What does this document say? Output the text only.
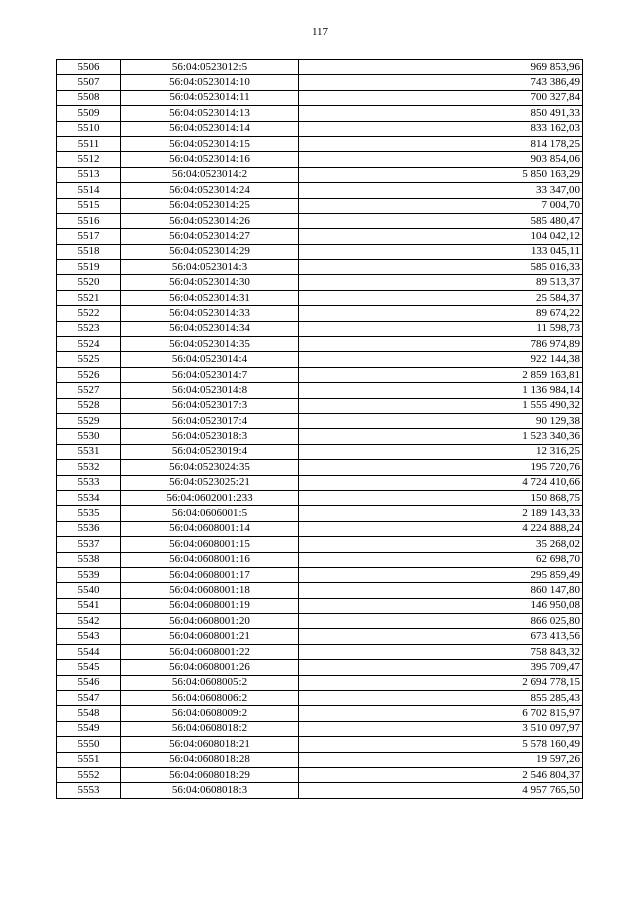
117
5506	56:04:0523012:5	969 853,96
5507	56:04:0523014:10	743 386,49
5508	56:04:0523014:11	700 327,84
5509	56:04:0523014:13	850 491,33
5510	56:04:0523014:14	833 162,03
5511	56:04:0523014:15	814 178,25
5512	56:04:0523014:16	903 854,06
5513	56:04:0523014:2	5 850 163,29
5514	56:04:0523014:24	33 347,00
5515	56:04:0523014:25	7 004,70
5516	56:04:0523014:26	585 480,47
5517	56:04:0523014:27	104 042,12
5518	56:04:0523014:29	133 045,11
5519	56:04:0523014:3	585 016,33
5520	56:04:0523014:30	89 513,37
5521	56:04:0523014:31	25 584,37
5522	56:04:0523014:33	89 674,22
5523	56:04:0523014:34	11 598,73
5524	56:04:0523014:35	786 974,89
5525	56:04:0523014:4	922 144,38
5526	56:04:0523014:7	2 859 163,81
5527	56:04:0523014:8	1 136 984,14
5528	56:04:0523017:3	1 555 490,32
5529	56:04:0523017:4	90 129,38
5530	56:04:0523018:3	1 523 340,36
5531	56:04:0523019:4	12 316,25
5532	56:04:0523024:35	195 720,76
5533	56:04:0523025:21	4 724 410,66
5534	56:04:0602001:233	150 868,75
5535	56:04:0606001:5	2 189 143,33
5536	56:04:0608001:14	4 224 888,24
5537	56:04:0608001:15	35 268,02
5538	56:04:0608001:16	62 698,70
5539	56:04:0608001:17	295 859,49
5540	56:04:0608001:18	860 147,80
5541	56:04:0608001:19	146 950,08
5542	56:04:0608001:20	866 025,80
5543	56:04:0608001:21	673 413,56
5544	56:04:0608001:22	758 843,32
5545	56:04:0608001:26	395 709,47
5546	56:04:0608005:2	2 694 778,15
5547	56:04:0608006:2	855 285,43
5548	56:04:0608009:2	6 702 815,97
5549	56:04:0608018:2	3 510 097,97
5550	56:04:0608018:21	5 578 160,49
5551	56:04:0608018:28	19 597,26
5552	56:04:0608018:29	2 546 804,37
5553	56:04:0608018:3	4 957 765,50
